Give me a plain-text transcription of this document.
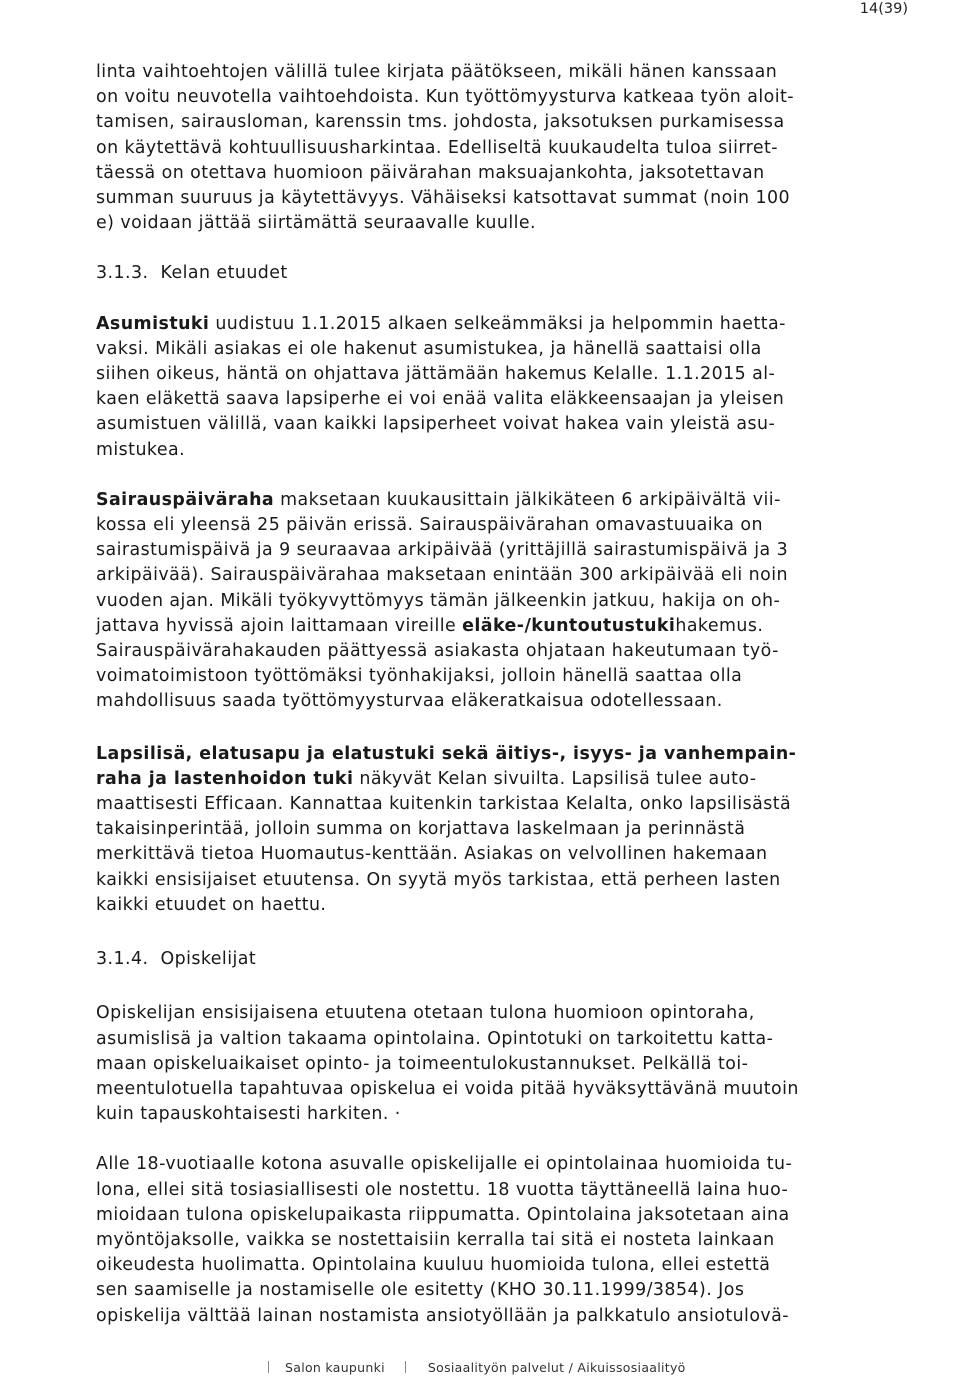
14(39)

linta vaihtoehtojen välillä tulee kirjata päätökseen, mikäli hänen kanssaan

on voitu neuvotella vaihtoehdoista. Kun työttömyysturva katkeaa työn aloit-

tamisen, sairausloman, karenssin tms. johdosta, jaksotuksen purkamisessa

on käytettävä kohtuullisuusharkintaa. Edelliseltä kuukaudelta tuloa siirret-

täessä on otettava huomioon päivärahan maksuajankohta, jaksotettavan

summan suuruus ja käytettävyys. Vähäiseksi katsottavat summat (noin 100

e) voidaan jättää siirtämättä seuraavalle kuulle.

3.1.3. Kelan etuudet

Asumistuki uudistuu 1.1.2015 alkaen selkeämmäksi ja helpommin haetta-

vaksi. Mikäli asiakas ei ole hakenut asumistukea, ja hänellä saattaisi olla

siihen oikeus, häntä on ohjattava jättämään hakemus Kelalle. 1.1.2015 al-

kaen eläkettä saava lapsiperhe ei voi enää valita eläkkeensaajan ja yleisen

asumistuen välillä, vaan kaikki lapsiperheet voivat hakea vain yleistä asu-

mistukea.

Sairauspäiväraha maksetaan kuukausittain jälkikäteen 6 arkipäivältä vii-

kossa eli yleensä 25 päivän erissä. Sairauspäivärahan omavastuuaika on

sairastumispäivä ja 9 seuraavaa arkipäivää (yrittäjillä sairastumispäivä ja 3

arkipäivää). Sairauspäivärahaa maksetaan enintään 300 arkipäivää eli noin

vuoden ajan. Mikäli työkyvyttömyys tämän jälkeenkin jatkuu, hakija on oh-

jattava hyvissä ajoin laittamaan vireille eläke-/kuntoutustukihakemus.

Sairauspäivärahakauden päättyessä asiakasta ohjataan hakeutumaan työ-

voimatoimistoon työttömäksi työnhakijaksi, jolloin hänellä saattaa olla

mahdollisuus saada työttömyysturvaa eläkeratkaisua odotellessaan.

Lapsilisä, elatusapu ja elatustuki sekä äitiys-, isyys- ja vanhempain-

raha ja lastenhoidon tuki näkyvät Kelan sivuilta. Lapsilisä tulee auto-

maattisesti Efficaan. Kannattaa kuitenkin tarkistaa Kelalta, onko lapsilisästä

takaisinperintää, jolloin summa on korjattava laskelmaan ja perinnästä

merkittävä tietoa Huomautus-kenttään. Asiakas on velvollinen hakemaan

kaikki ensisijaiset etuutensa. On syytä myös tarkistaa, että perheen lasten

kaikki etuudet on haettu.

3.1.4. Opiskelijat

Opiskelijan ensisijaisena etuutena otetaan tulona huomioon opintoraha,

asumislisä ja valtion takaama opintolaina. Opintotuki on tarkoitettu katta-

maan opiskeluaikaiset opinto- ja toimeentulokustannukset. Pelkällä toi-

meentulotuella tapahtuvaa opiskelua ei voida pitää hyväksyttävänä muutoin

kuin tapauskohtaisesti harkiten. ·

Alle 18-vuotiaalle kotona asuvalle opiskelijalle ei opintolainaa huomioida tu-

lona, ellei sitä tosiasiallisesti ole nostettu. 18 vuotta täyttäneellä laina huo-

mioidaan tulona opiskelupaikasta riippumatta. Opintolaina jaksotetaan aina

myöntöjaksolle, vaikka se nostettaisiin kerralla tai sitä ei nosteta lainkaan

oikeudesta huolimatta. Opintolaina kuuluu huomioida tulona, ellei estettä

sen saamiselle ja nostamiselle ole esitetty (KHO 30.11.1999/3854). Jos

opiskelija välttää lainan nostamista ansiotyöllään ja palkkatulo ansiotulovä-

Salon kaupunki	Sosiaalityön palvelut / Aikuissosiaalityö
